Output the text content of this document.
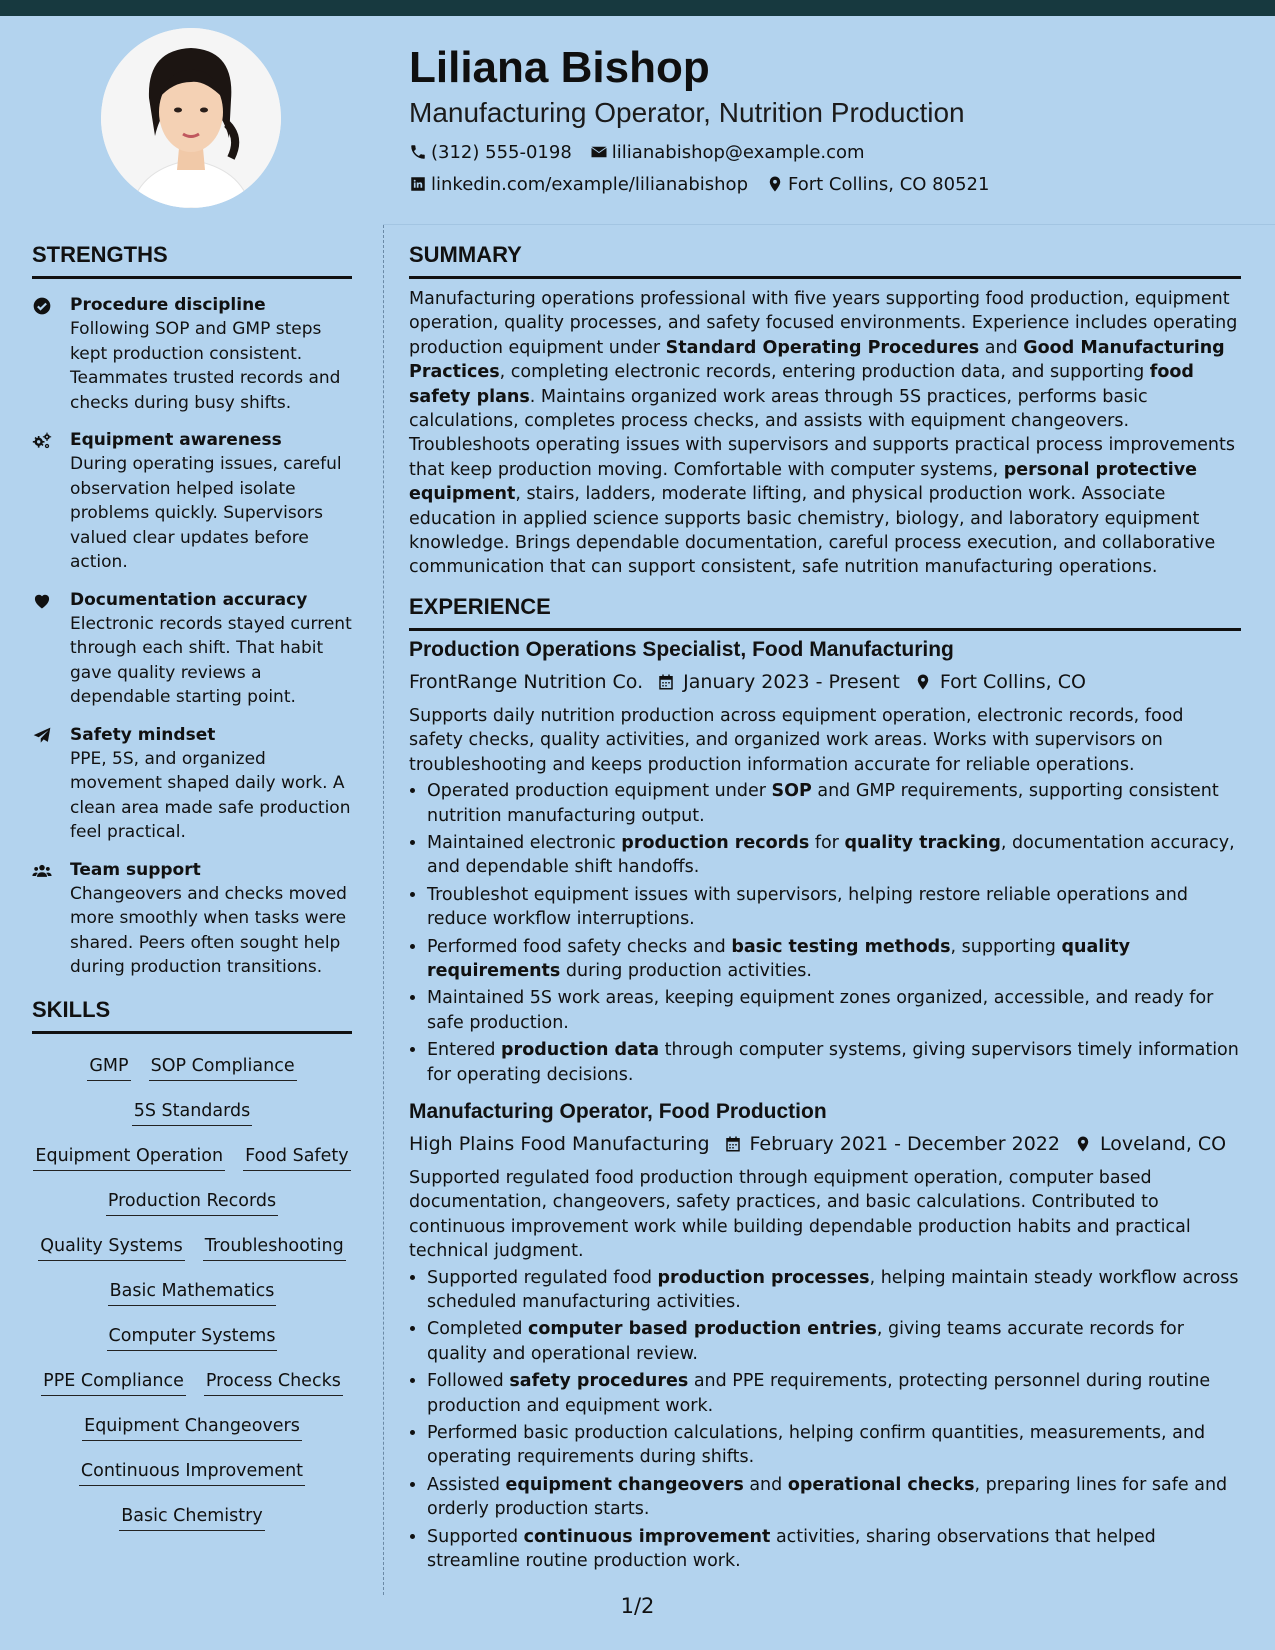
Liliana Bishop

Manufacturing Operator, Nutrition Production

(312) 555-0198 lilianabishop@example.com
linkedin.com/example/lilianabishop Fort Collins, CO 80521
STRENGTHS
Procedure discipline
Following SOP and GMP steps kept production consistent. Teammates trusted records and checks during busy shifts.
Equipment awareness
During operating issues, careful observation helped isolate problems quickly. Supervisors valued clear updates before action.
Documentation accuracy
Electronic records stayed current through each shift. That habit gave quality reviews a dependable starting point.
Safety mindset
PPE, 5S, and organized movement shaped daily work. A clean area made safe production feel practical.
Team support
Changeovers and checks moved more smoothly when tasks were shared. Peers often sought help during production transitions.
SKILLS
GMP SOP Compliance
5S Standards
Equipment Operation Food Safety
Production Records
Quality Systems Troubleshooting
Basic Mathematics
Computer Systems
PPE Compliance Process Checks
Equipment Changeovers
Continuous Improvement
Basic Chemistry
SUMMARY

Manufacturing operations professional with five years supporting food production, equipment operation, quality processes, and safety focused environments. Experience includes operating production equipment under Standard Operating Procedures and Good Manufacturing Practices, completing electronic records, entering production data, and supporting food safety plans. Maintains organized work areas through 5S practices, performs basic calculations, completes process checks, and assists with equipment changeovers. Troubleshoots operating issues with supervisors and supports practical process improvements that keep production moving. Comfortable with computer systems, personal protective equipment, stairs, ladders, moderate lifting, and physical production work. Associate education in applied science supports basic chemistry, biology, and laboratory equipment knowledge. Brings dependable documentation, careful process execution, and collaborative communication that can support consistent, safe nutrition manufacturing operations.

EXPERIENCE
Production Operations Specialist, Food Manufacturing
FrontRange Nutrition Co. January 2023 - Present Fort Collins, CO

Supports daily nutrition production across equipment operation, electronic records, food safety checks, quality activities, and organized work areas. Works with supervisors on troubleshooting and keeps production information accurate for reliable operations.

• Operated production equipment under SOP and GMP requirements, supporting consistent nutrition manufacturing output.
• Maintained electronic production records for quality tracking, documentation accuracy, and dependable shift handoffs.
• Troubleshot equipment issues with supervisors, helping restore reliable operations and reduce workflow interruptions.
• Performed food safety checks and basic testing methods, supporting quality requirements during production activities.
• Maintained 5S work areas, keeping equipment zones organized, accessible, and ready for safe production.
• Entered production data through computer systems, giving supervisors timely information for operating decisions.
Manufacturing Operator, Food Production
High Plains Food Manufacturing February 2021 - December 2022 Loveland, CO

Supported regulated food production through equipment operation, computer based documentation, changeovers, safety practices, and basic calculations. Contributed to continuous improvement work while building dependable production habits and practical technical judgment.

• Supported regulated food production processes, helping maintain steady workflow across scheduled manufacturing activities.
• Completed computer based production entries, giving teams accurate records for quality and operational review.
• Followed safety procedures and PPE requirements, protecting personnel during routine production and equipment work.
• Performed basic production calculations, helping confirm quantities, measurements, and operating requirements during shifts.
• Assisted equipment changeovers and operational checks, preparing lines for safe and orderly production starts.
• Supported continuous improvement activities, sharing observations that helped streamline routine production work.
1/2
